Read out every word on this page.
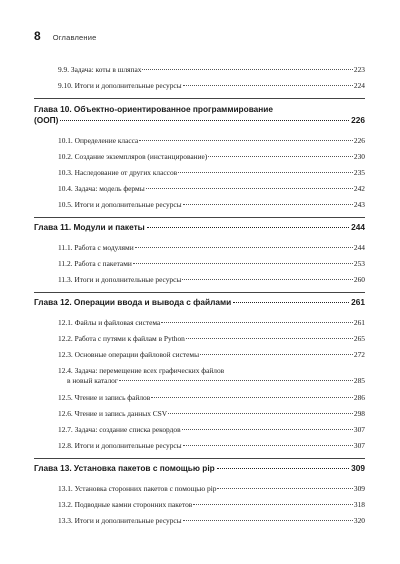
8 Оглавление
9.9. Задача: коты в шляпах	223
9.10. Итоги и дополнительные ресурсы	224
Глава 10. Объектно-ориентированное программирование
(ООП)	226
10.1. Определение класса	226
10.2. Создание экземпляров (инстанцирование)	230
10.3. Наследование от других классов	235
10.4. Задача: модель фермы	242
10.5. Итоги и дополнительные ресурсы	243
Глава 11. Модули и пакеты	244
11.1. Работа с модулями	244
11.2. Работа с пакетами	253
11.3. Итоги и дополнительные ресурсы	260
Глава 12. Операции ввода и вывода с файлами	261
12.1. Файлы и файловая система	261
12.2. Работа с путями к файлам в Python	265
12.3. Основные операции файловой системы	272
12.4. Задача: перемещение всех графических файлов
в новый каталог	285
12.5. Чтение и запись файлов	286
12.6. Чтение и запись данных CSV	298
12.7. Задача: создание списка рекордов	307
12.8. Итоги и дополнительные ресурсы	307
Глава 13. Установка пакетов с помощью pip	309
13.1. Установка сторонних пакетов с помощью pip	309
13.2. Подводные камни сторонних пакетов	318
13.3. Итоги и дополнительные ресурсы	320
